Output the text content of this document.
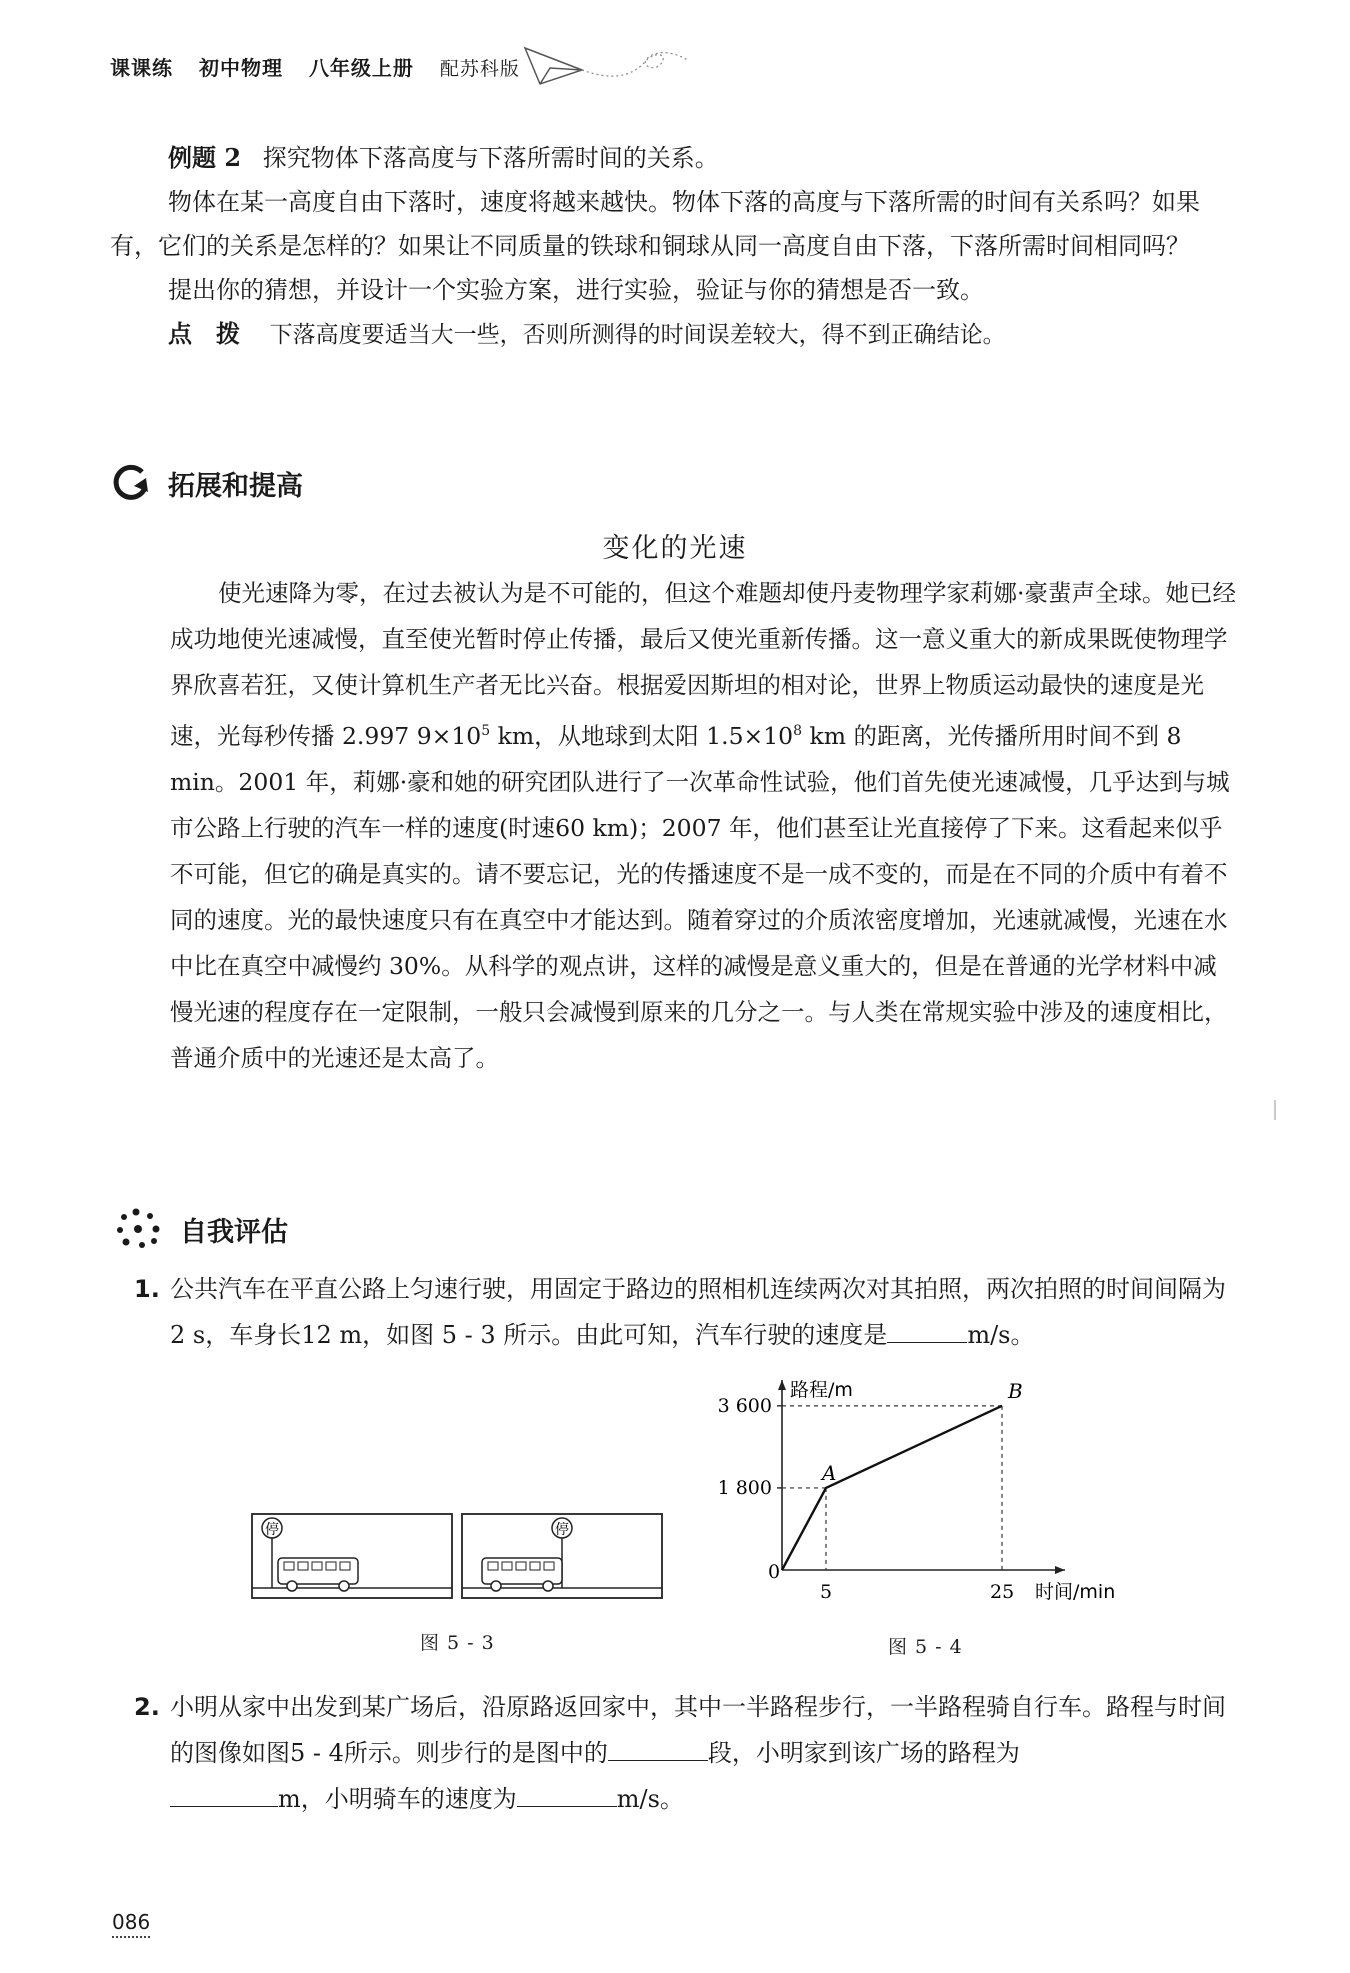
课课练 初中物理 八年级上册 配苏科版

例题 2 探究物体下落高度与下落所需时间的关系。

物体在某一高度自由下落时，速度将越来越快。物体下落的高度与下落所需的时间有关系吗？如果有，它们的关系是怎样的？如果让不同质量的铁球和铜球从同一高度自由下落，下落所需时间相同吗？

提出你的猜想，并设计一个实验方案，进行实验，验证与你的猜想是否一致。

点　拨 下落高度要适当大一些，否则所测得的时间误差较大，得不到正确结论。

拓展和提高
变化的光速

使光速降为零，在过去被认为是不可能的，但这个难题却使丹麦物理学家莉娜·豪蜚声全球。她已经成功地使光速减慢，直至使光暂时停止传播，最后又使光重新传播。这一意义重大的新成果既使物理学界欣喜若狂，又使计算机生产者无比兴奋。根据爱因斯坦的相对论，世界上物质运动最快的速度是光速，光每秒传播 2.997 $9\times 10^5$ km，从地球到太阳 $1.5\times 10^8$ km 的距离，光传播所用时间不到 8 min。2001 年，莉娜·豪和她的研究团队进行了一次革命性试验，他们首先使光速减慢，几乎达到与城市公路上行驶的汽车一样的速度(时速60 km)；2007 年，他们甚至让光直接停了下来。这看起来似乎不可能，但它的确是真实的。请不要忘记，光的传播速度不是一成不变的，而是在不同的介质中有着不同的速度。光的最快速度只有在真空中才能达到。随着穿过的介质浓密度增加，光速就减慢，光速在水中比在真空中减慢约 30%。从科学的观点讲，这样的减慢是意义重大的，但是在普通的光学材料中减慢光速的程度存在一定限制，一般只会减慢到原来的几分之一。与人类在常规实验中涉及的速度相比，普通介质中的光速还是太高了。

自我评估
1. 公共汽车在平直公路上匀速行驶，用固定于路边的照相机连续两次对其拍照，两次拍照的时间间隔为 2 s，车身长12 m，如图 5 - 3 所示。由此可知，汽车行驶的速度是	m/s。
停	停
图 5 - 3
路程/m
时间/min
0
5	25
1 800
3 600
A
B
图 5 - 4
2. 小明从家中出发到某广场后，沿原路返回家中，其中一半路程步行，一半路程骑自行车。路程与时间的图像如图5 - 4所示。则步行的是图中的	段，小明家到该广场的路程为
m，小明骑车的速度为	m/s。
086
